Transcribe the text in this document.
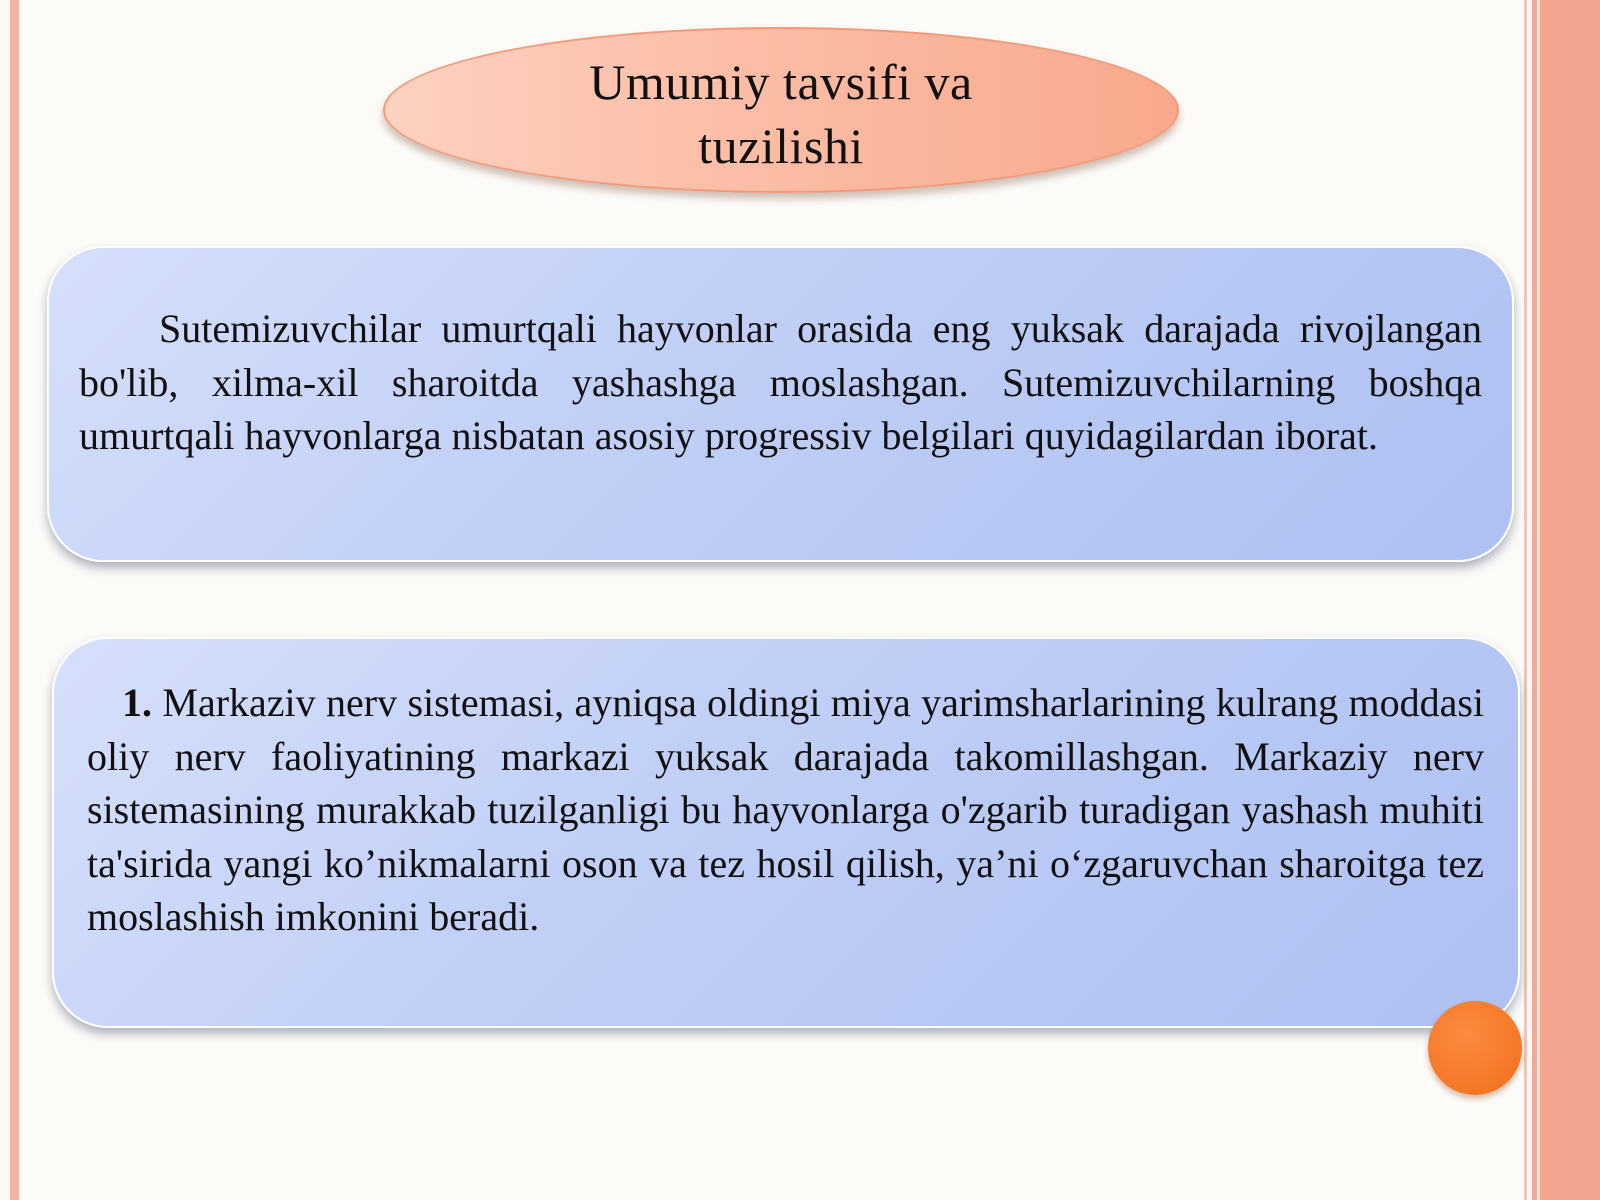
Umumiy tavsifi va
tuzilishi
Sutemizuvchilar umurtqali hayvonlar orasida eng yuksak darajada rivojlangan bo'lib, xilma-xil sharoitda yashashga moslashgan. Sutemizuvchilarning boshqa umurtqali hayvonlarga nisbatan asosiy progressiv belgilari quyidagilardan iborat.
1. Markaziv nerv sistemasi, ayniqsa oldingi miya yarimsharlarining kulrang moddasi oliy nerv faoliyatining markazi yuksak darajada takomillashgan. Markaziy nerv sistemasining murakkab tuzilganligi bu hayvonlarga o'zgarib turadigan yashash muhiti ta'sirida yangi ko’nikmalarni oson va tez hosil qilish, ya’ni o‘zgaruvchan sharoitga tez moslashish imkonini beradi.
